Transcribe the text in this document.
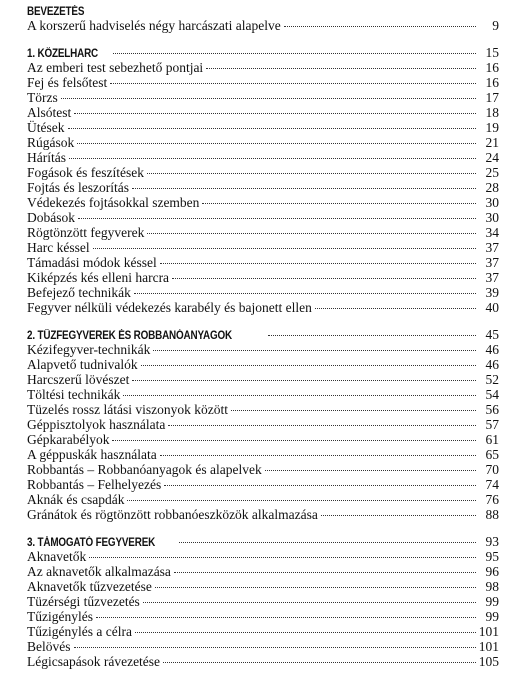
BEVEZETÉS
A korszerű hadviselés négy harcászati alapelve	9
1. KÖZELHARC	15
Az emberi test sebezhető pontjai	16
Fej és felsőtest	16
Törzs	17
Alsótest	18
Ütések	19
Rúgások	21
Hárítás	24
Fogások és feszítések	25
Fojtás és leszorítás	28
Védekezés fojtásokkal szemben	30
Dobások	30
Rögtönzött fegyverek	34
Harc késsel	37
Támadási módok késsel	37
Kiképzés kés elleni harcra	37
Befejező technikák	39
Fegyver nélküli védekezés karabély és bajonett ellen	40
2. TŰZFEGYVEREK ÉS ROBBANÓANYAGOK	45
Kézifegyver-technikák	46
Alapvető tudnivalók	46
Harcszerű lövészet	52
Töltési technikák	54
Tüzelés rossz látási viszonyok között	56
Géppisztolyok használata	57
Gépkarabélyok	61
A géppuskák használata	65
Robbantás – Robbanóanyagok és alapelvek	70
Robbantás – Felhelyezés	74
Aknák és csapdák	76
Gránátok és rögtönzött robbanóeszközök alkalmazása	88
3. TÁMOGATÓ FEGYVEREK	93
Aknavetők	95
Az aknavetők alkalmazása	96
Aknavetők tűzvezetése	98
Tüzérségi tűzvezetés	99
Tűzigénylés	99
Tűzigénylés a célra	101
Belövés	101
Légicsapások rávezetése	105
